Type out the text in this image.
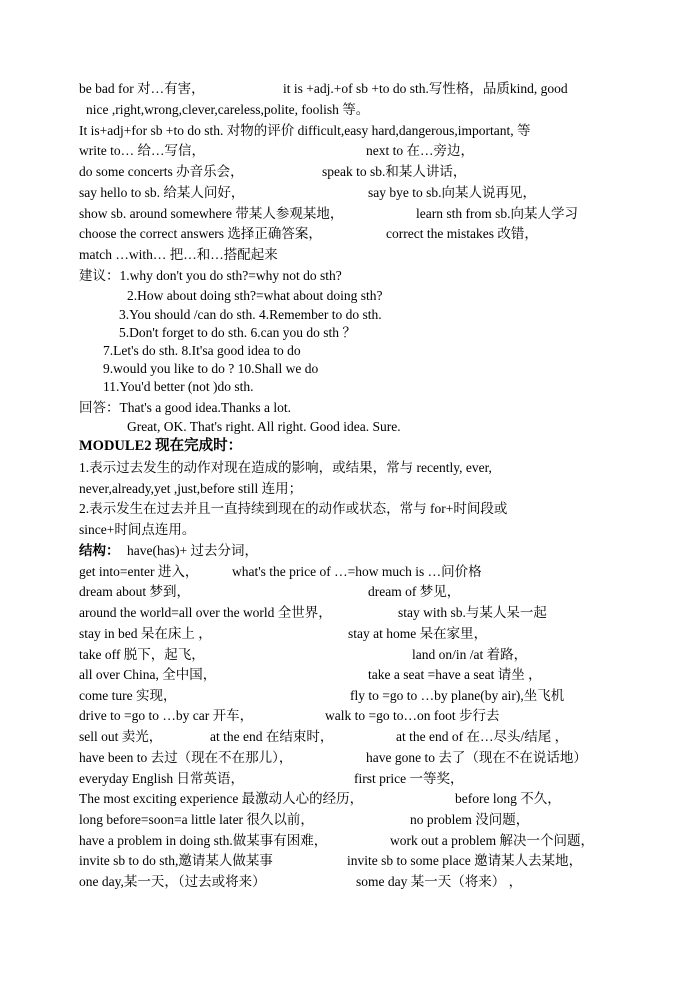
be bad for 对…有害，	it is +adj.+of sb +to do sth.写性格，品质kind, good
nice ,right,wrong,clever,careless,polite, foolish 等。
It is+adj+for sb +to do sth. 对物的评价 difficult,easy hard,dangerous,important, 等
write to… 给…写信，	next to 在…旁边，
do some concerts 办音乐会，	speak to sb.和某人讲话，
say hello to sb. 给某人问好，	say bye to sb.向某人说再见，
show sb. around somewhere 带某人参观某地，	learn sth from sb.向某人学习
choose the correct answers 选择正确答案，	correct the mistakes 改错，
match …with… 把…和…搭配起来
建议：1.why don't you do sth?=why not do sth?
2.How about doing sth?=what about doing sth?
3.You should /can do sth. 4.Remember to do sth.
5.Don't forget to do sth. 6.can you do sth ？
7.Let's do sth. 8.It'sa good idea to do
9.would you like to do ? 10.Shall we do
11.You'd better (not )do sth.
回答：That's a good idea.Thanks a lot.
Great, OK. That's right. All right. Good idea. Sure.
MODULE2 现在完成时：
1.表示过去发生的动作对现在造成的影响，或结果，常与 recently, ever,
never,already,yet ,just,before still 连用；
2.表示发生在过去并且一直持续到现在的动作或状态，常与 for+时间段或
since+时间点连用。
结构： have(has)+ 过去分词，
get into=enter 进入， what's the price of …=how much is …问价格
dream about 梦到，	dream of 梦见，
around the world=all over the world 全世界，	stay with sb.与某人呆一起
stay in bed 呆在床上 ，	stay at home 呆在家里，
take off 脱下，起飞，	land on/in /at 着路，
all over China, 全中国，	take a seat =have a seat 请坐 ，
come ture 实现，	fly to =go to …by plane(by air),坐飞机
drive to =go to …by car 开车，	walk to =go to…on foot 步行去
sell out 卖光，	at the end 在结束时，	at the end of 在…尽头/结尾 ，
have been to 去过（现在不在那儿），	have gone to 去了（现在不在说话地）
everyday English 日常英语，	first price 一等奖，
The most exciting experience 最激动人心的经历，	before long 不久，
long before=soon=a little later 很久以前，	no problem 没问题，
have a problem in doing sth.做某事有困难，	work out a problem 解决一个问题，
invite sb to do sth,邀请某人做某事	invite sb to some place 邀请某人去某地，
one day,某一天，（过去或将来）	some day 某一天（将来） ，
